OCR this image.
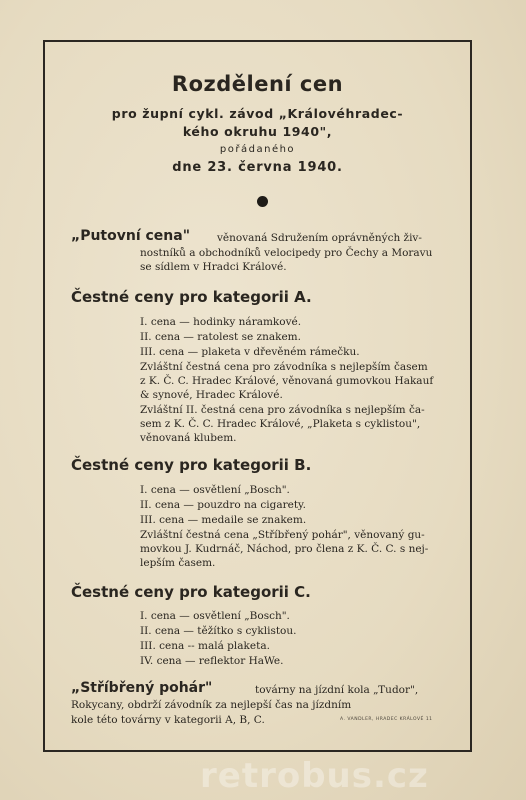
Rozdělení cen
pro župní cykl. závod „Královéhradec-
kého okruhu 1940",
pořádaného
dne 23. června 1940.
„Putovní cena"	věnovaná Sdružením oprávněných živ-
nostníků a obchodníků velocipedy pro Čechy a Moravu
se sídlem v Hradci Králové.
Čestné ceny pro kategorii A.
I. cena — hodinky náramkové.
II. cena — ratolest se znakem.
III. cena — plaketa v dřevěném rámečku.
Zvláštní čestná cena pro závodníka s nejlepším časem
z K. Č. C. Hradec Králové, věnovaná gumovkou Hakauf
& synové, Hradec Králové.
Zvláštní II. čestná cena pro závodníka s nejlepším ča-
sem z K. Č. C. Hradec Králové, „Plaketa s cyklistou",
věnovaná klubem.
Čestné ceny pro kategorii B.
I. cena — osvětlení „Bosch".
II. cena — pouzdro na cigarety.
III. cena — medaile se znakem.
Zvláštní čestná cena „Stříbřený pohár", věnovaný gu-
movkou J. Kudrnáč, Náchod, pro člena z K. Č. C. s nej-
lepším časem.
Čestné ceny pro kategorii C.
I. cena — osvětlení „Bosch".
II. cena — těžítko s cyklistou.
III. cena -- malá plaketa.
IV. cena — reflektor HaWe.
„Stříbřený pohár"	továrny na jízdní kola „Tudor",
Rokycany, obdrží závodník za nejlepší čas na jízdním
kole této továrny v kategorii A, B, C.	A. VANDLER, HRADEC KRÁLOVÉ 11
retrobus.cz
